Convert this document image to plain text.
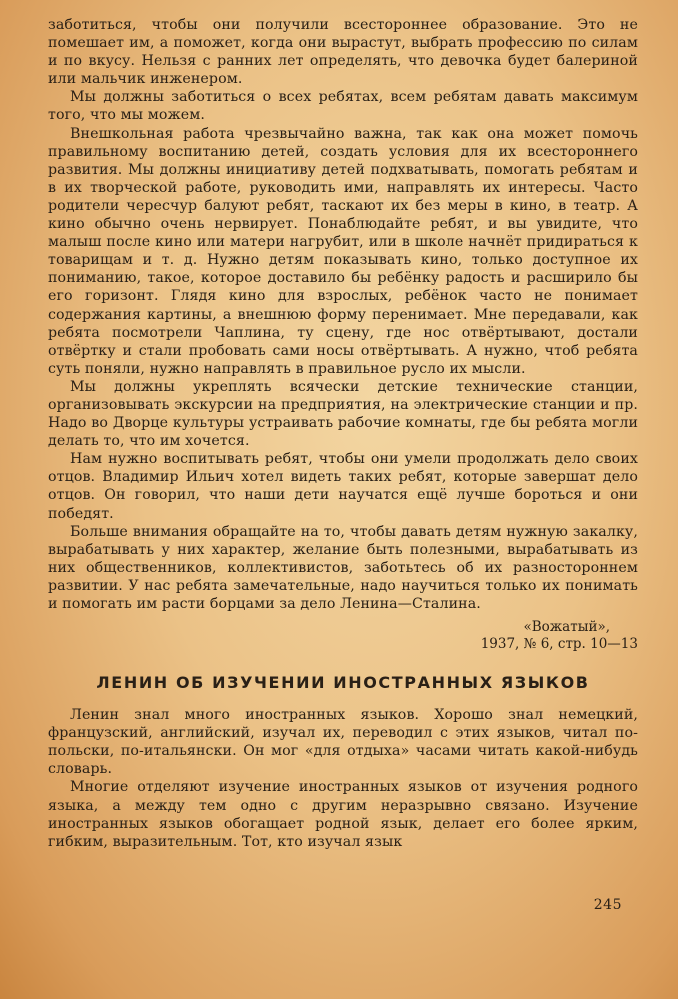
заботиться, чтобы они получили всестороннее образование. Это не помешает им, а поможет, когда они вырастут, выбрать профессию по силам и по вкусу. Нельзя с ранних лет определять, что девочка будет балериной или мальчик инженером.

Мы должны заботиться о всех ребятах, всем ребятам давать максимум того, что мы можем.

Внешкольная работа чрезвычайно важна, так как она может помочь правильному воспитанию детей, создать условия для их всестороннего развития. Мы должны инициативу детей подхватывать, помогать ребятам и в их творческой работе, руководить ими, направлять их интересы. Часто родители чересчур балуют ребят, таскают их без меры в кино, в театр. А кино обычно очень нервирует. Понаблюдайте ребят, и вы увидите, что малыш после кино или матери нагрубит, или в школе начнёт придираться к товарищам и т. д. Нужно детям показывать кино, только доступное их пониманию, такое, которое доставило бы ребёнку радость и расширило бы его горизонт. Глядя кино для взрослых, ребёнок часто не понимает содержания картины, а внешнюю форму перенимает. Мне передавали, как ребята посмотрели Чаплина, ту сцену, где нос отвёртывают, достали отвёртку и стали пробовать сами носы отвёртывать. А нужно, чтоб ребята суть поняли, нужно направлять в правильное русло их мысли.

Мы должны укреплять всячески детские технические станции, организовывать экскурсии на предприятия, на электрические станции и пр. Надо во Дворце культуры устраивать рабочие комнаты, где бы ребята могли делать то, что им хочется.

Нам нужно воспитывать ребят, чтобы они умели продолжать дело своих отцов. Владимир Ильич хотел видеть таких ребят, которые завершат дело отцов. Он говорил, что наши дети научатся ещё лучше бороться и они победят.

Больше внимания обращайте на то, чтобы давать детям нужную закалку, вырабатывать у них характер, желание быть полезными, вырабатывать из них общественников, коллективистов, заботьтесь об их разностороннем развитии. У нас ребята замечательные, надо научиться только их понимать и помогать им расти борцами за дело Ленина—Сталина.

«Вожатый»,
1937, № 6, стр. 10—13
ЛЕНИН ОБ ИЗУЧЕНИИ ИНОСТРАННЫХ ЯЗЫКОВ

Ленин знал много иностранных языков. Хорошо знал немецкий, французский, английский, изучал их, переводил с этих языков, читал по-польски, по-итальянски. Он мог «для отдыха» часами читать какой-нибудь словарь.

Многие отделяют изучение иностранных языков от изучения родного языка, а между тем одно с другим неразрывно связано. Изучение иностранных языков обогащает родной язык, делает его более ярким, гибким, выразительным. Тот, кто изучал язык

245
